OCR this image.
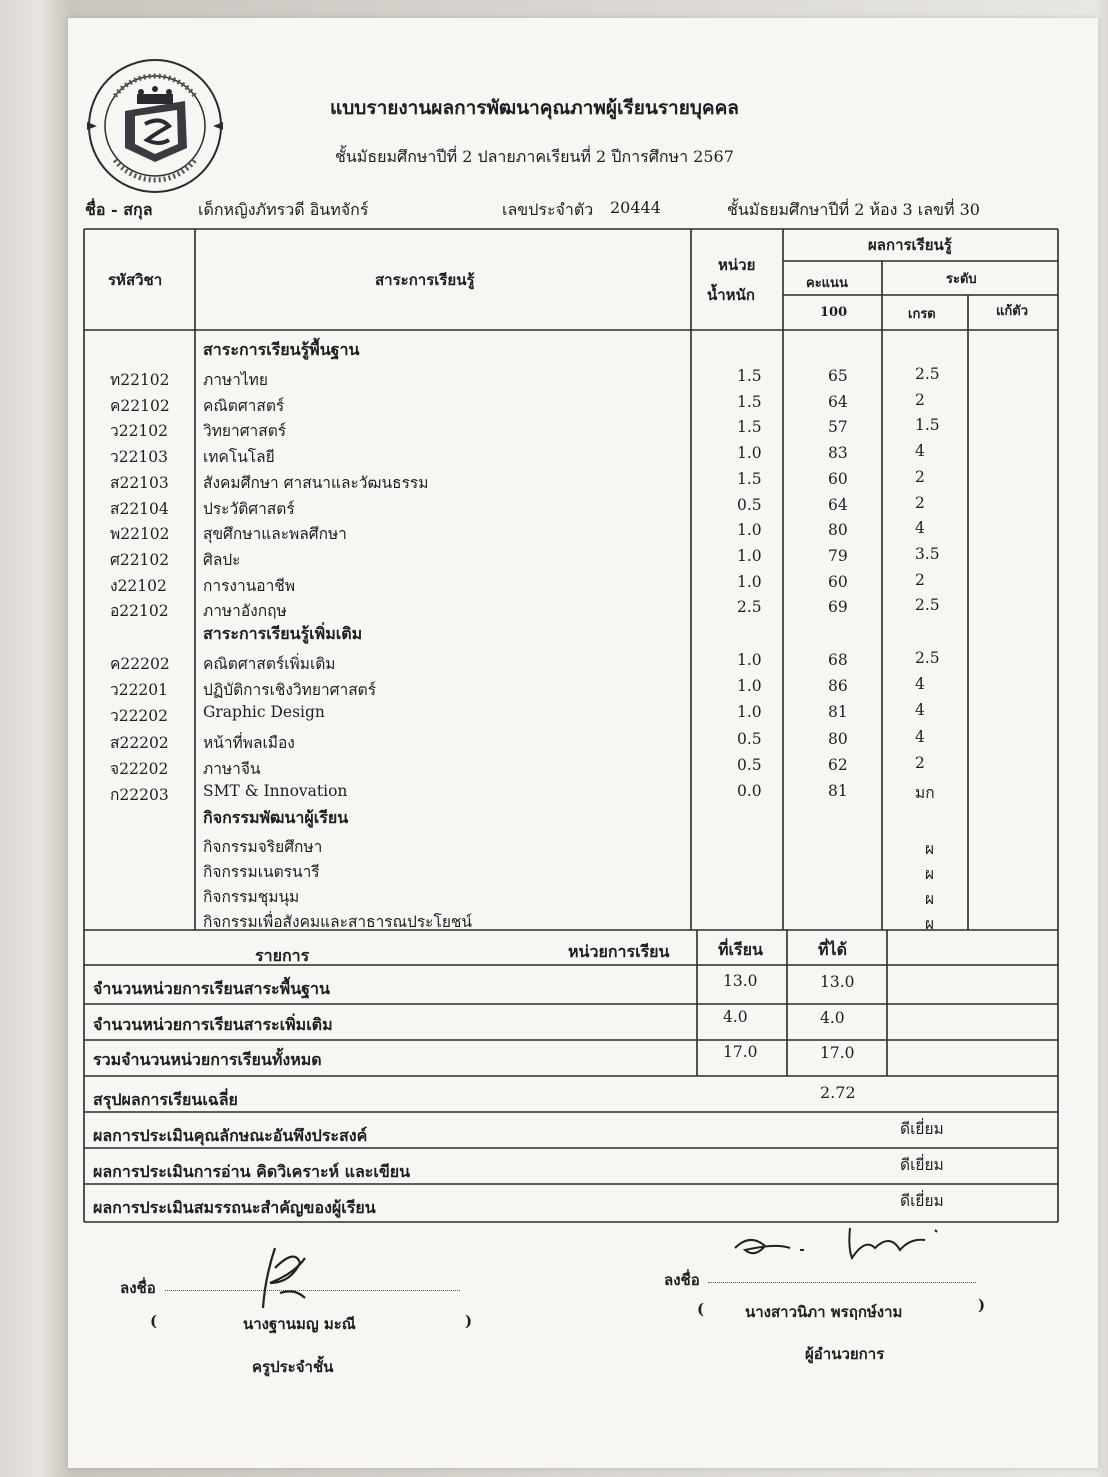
แบบรายงานผลการพัฒนาคุณภาพผู้เรียนรายบุคคล
ชั้นมัธยมศึกษาปีที่ 2 ปลายภาคเรียนที่ 2 ปีการศึกษา 2567
ชื่อ - สกุล	เด็กหญิงภัทรวดี อินทจักร์	เลขประจำตัว 20444	ชั้นมัธยมศึกษาปีที่ 2 ห้อง 3 เลขที่ 30
รหัสวิชา	สาระการเรียนรู้
หน่วย
น้ำหนัก
ผลการเรียนรู้
คะแนน	ระดับ
100	เกรด	แก้ตัว
สาระการเรียนรู้พื้นฐาน
ท22102 ภาษาไทย	1.5	65	2.5
ค22102 คณิตศาสตร์	1.5	64	2
ว22102 วิทยาศาสตร์	1.5	57	1.5
ว22103 เทคโนโลยี	1.0	83	4
ส22103 สังคมศึกษา ศาสนาและวัฒนธรรม	1.5	60	2
ส22104 ประวัติศาสตร์	0.5	64	2
พ22102 สุขศึกษาและพลศึกษา	1.0	80	4
ศ22102 ศิลปะ	1.0	79	3.5
ง22102 การงานอาชีพ	1.0	60	2
อ22102 ภาษาอังกฤษ	2.5	69	2.5
สาระการเรียนรู้เพิ่มเติม
ค22202 คณิตศาสตร์เพิ่มเติม	1.0	68	2.5
ว22201 ปฏิบัติการเชิงวิทยาศาสตร์	1.0	86	4
ว22202 Graphic Design	1.0	81	4
ส22202 หน้าที่พลเมือง	0.5	80	4
จ22202 ภาษาจีน	0.5	62	2
ก22203 SMT & Innovation	0.0	81	มก
กิจกรรมพัฒนาผู้เรียน
กิจกรรมจริยศึกษา	ผ
กิจกรรมเนตรนารี	ผ
กิจกรรมชุมนุม	ผ
กิจกรรมเพื่อสังคมและสาธารณประโยชน์	ผ
รายการ	หน่วยการเรียน	ที่เรียน	ที่ได้
จำนวนหน่วยการเรียนสาระพื้นฐาน	13.0	13.0
จำนวนหน่วยการเรียนสาระเพิ่มเติม	4.0	4.0
รวมจำนวนหน่วยการเรียนทั้งหมด	17.0	17.0
สรุปผลการเรียนเฉลี่ย	2.72
ผลการประเมินคุณลักษณะอันพึงประสงค์	ดีเยี่ยม
ผลการประเมินการอ่าน คิดวิเคราะห์ และเขียน	ดีเยี่ยม
ผลการประเมินสมรรถนะสำคัญของผู้เรียน	ดีเยี่ยม
ลงชื่อ
(	นางฐานมญ มะณี	)
ครูประจำชั้น
ลงชื่อ
(	นางสาวนิภา พรฤกษ์งาม	)
ผู้อำนวยการ
